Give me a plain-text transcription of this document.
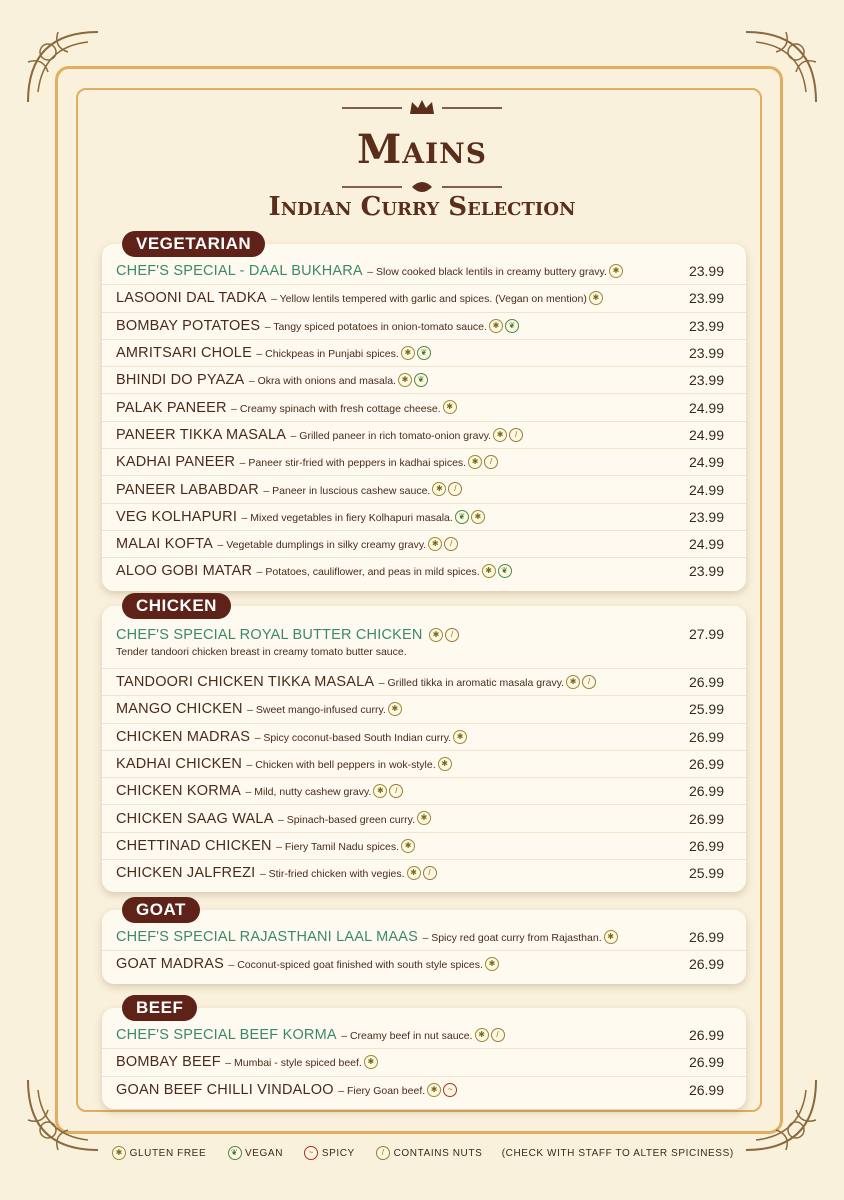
Mains
Indian Curry Selection
VEGETARIAN
CHEF'S SPECIAL - DAAL BUKHARA – Slow cooked black lentils in creamy buttery gravy. ✱	23.99
LASOONI DAL TADKA – Yellow lentils tempered with garlic and spices. (Vegan on mention) ✱	23.99
BOMBAY POTATOES – Tangy spiced potatoes in onion-tomato sauce. ✱ ❦	23.99
AMRITSARI CHOLE – Chickpeas in Punjabi spices. ✱ ❦	23.99
BHINDI DO PYAZA – Okra with onions and masala. ✱ ❦	23.99
PALAK PANEER – Creamy spinach with fresh cottage cheese. ✱	24.99
PANEER TIKKA MASALA – Grilled paneer in rich tomato-onion gravy. ✱ /	24.99
KADHAI PANEER – Paneer stir-fried with peppers in kadhai spices. ✱ /	24.99
PANEER LABABDAR – Paneer in luscious cashew sauce. ✱ /	24.99
VEG KOLHAPURI – Mixed vegetables in fiery Kolhapuri masala. ❦ ✱	23.99
MALAI KOFTA – Vegetable dumplings in silky creamy gravy. ✱ /	24.99
ALOO GOBI MATAR – Potatoes, cauliflower, and peas in mild spices. ✱ ❦	23.99
CHICKEN
CHEF'S SPECIAL ROYAL BUTTER CHICKEN ✱ /
Tender tandoori chicken breast in creamy tomato butter sauce.
27.99
TANDOORI CHICKEN TIKKA MASALA – Grilled tikka in aromatic masala gravy. ✱ /	26.99
MANGO CHICKEN – Sweet mango-infused curry. ✱	25.99
CHICKEN MADRAS – Spicy coconut-based South Indian curry. ✱	26.99
KADHAI CHICKEN – Chicken with bell peppers in wok-style. ✱	26.99
CHICKEN KORMA – Mild, nutty cashew gravy. ✱ /	26.99
CHICKEN SAAG WALA – Spinach-based green curry. ✱	26.99
CHETTINAD CHICKEN – Fiery Tamil Nadu spices. ✱	26.99
CHICKEN JALFREZI – Stir-fried chicken with vegies. ✱ /	25.99
GOAT
CHEF'S SPECIAL RAJASTHANI LAAL MAAS – Spicy red goat curry from Rajasthan. ✱	26.99
GOAT MADRAS – Coconut-spiced goat finished with south style spices. ✱	26.99
BEEF
CHEF'S SPECIAL BEEF KORMA – Creamy beef in nut sauce. ✱ /	26.99
BOMBAY BEEF – Mumbai - style spiced beef. ✱	26.99
GOAN BEEF CHILLI VINDALOO – Fiery Goan beef. ✱ ~	26.99
✱ GLUTEN FREE	❦ VEGAN	~ SPICY	/ CONTAINS NUTS (CHECK WITH STAFF TO ALTER SPICINESS)
